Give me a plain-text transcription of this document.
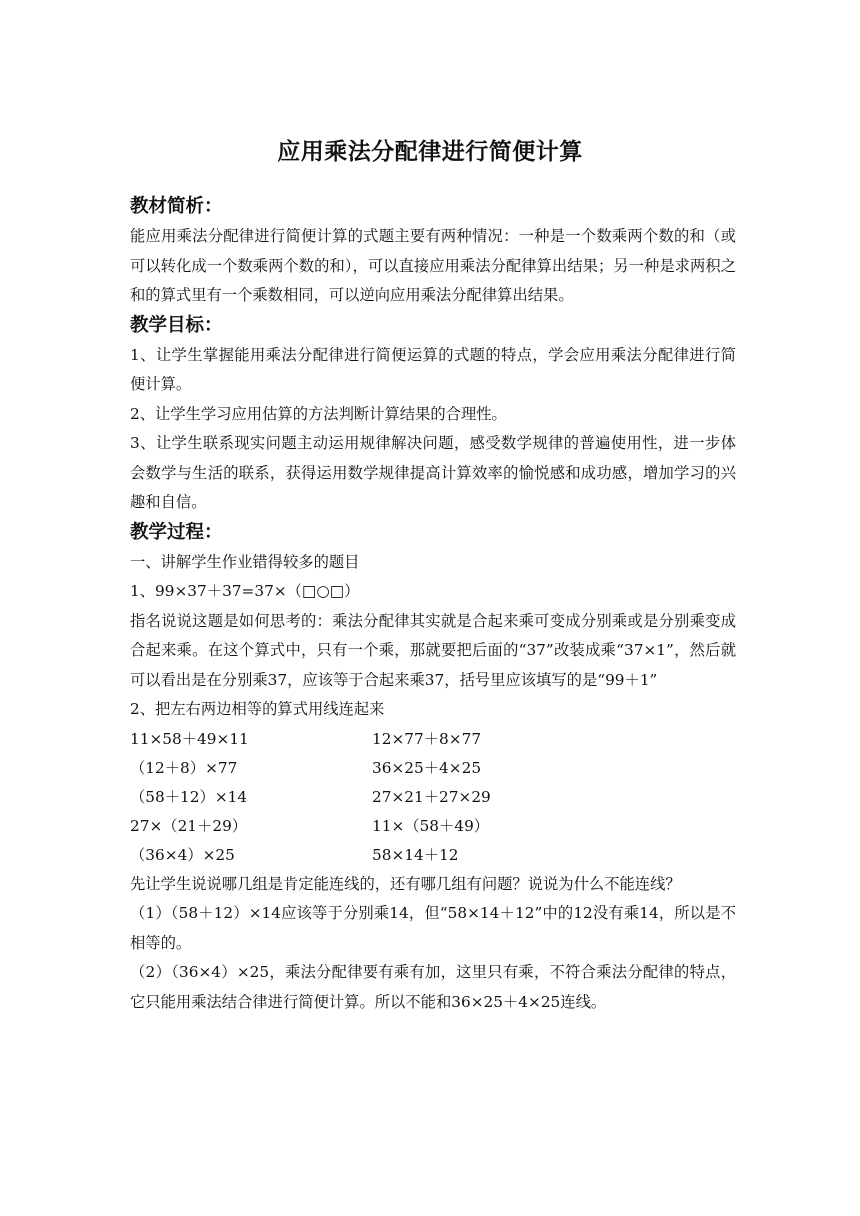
应用乘法分配律进行简便计算
教材简析：

能应用乘法分配律进行简便计算的式题主要有两种情况：一种是一个数乘两个数的和（或可以转化成一个数乘两个数的和），可以直接应用乘法分配律算出结果；另一种是求两积之和的算式里有一个乘数相同，可以逆向应用乘法分配律算出结果。

教学目标：

1、让学生掌握能用乘法分配律进行简便运算的式题的特点，学会应用乘法分配律进行简便计算。

2、让学生学习应用估算的方法判断计算结果的合理性。

3、让学生联系现实问题主动运用规律解决问题，感受数学规律的普遍使用性，进一步体会数学与生活的联系，获得运用数学规律提高计算效率的愉悦感和成功感，增加学习的兴趣和自信。

教学过程：

一、讲解学生作业错得较多的题目

1、99×37＋37=37×（□○□）

指名说说这题是如何思考的：乘法分配律其实就是合起来乘可变成分别乘或是分别乘变成合起来乘。在这个算式中，只有一个乘，那就要把后面的“37”改装成乘“37×1”，然后就可以看出是在分别乘37，应该等于合起来乘37，括号里应该填写的是“99＋1”

2、把左右两边相等的算式用线连起来

11×58＋49×11	12×77＋8×77
（12＋8）×77	36×25＋4×25
（58＋12）×14	27×21＋27×29
27×（21＋29）	11×（58＋49）
（36×4）×25	58×14＋12

先让学生说说哪几组是肯定能连线的，还有哪几组有问题？说说为什么不能连线？

（1）（58＋12）×14应该等于分别乘14，但“58×14＋12”中的12没有乘14，所以是不相等的。

（2）（36×4）×25，乘法分配律要有乘有加，这里只有乘，不符合乘法分配律的特点，它只能用乘法结合律进行简便计算。所以不能和36×25＋4×25连线。
